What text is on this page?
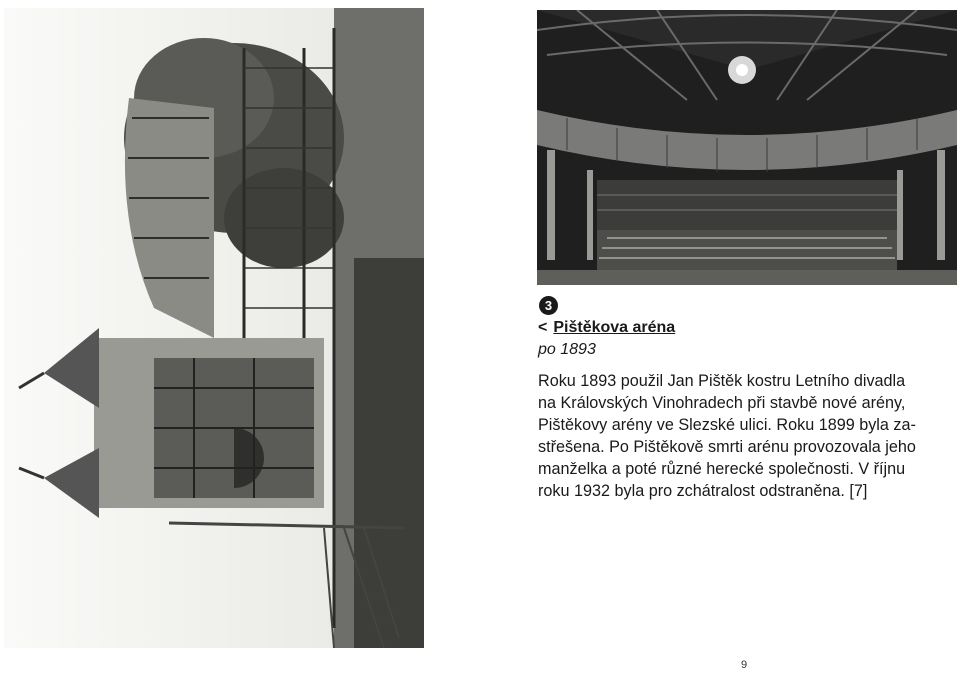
3
< Pištěkova aréna
po 1893
Roku 1893 použil Jan Pištěk kostru Letního divadla
na Královských Vinohradech při stavbě nové arény,
Pištěkovy arény ve Slezské ulici. Roku 1899 byla za-
střešena. Po Pištěkově smrti arénu provozovala jeho
manželka a poté různé herecké společnosti. V říjnu
roku 1932 byla pro zchátralost odstraněna. [7]
9
